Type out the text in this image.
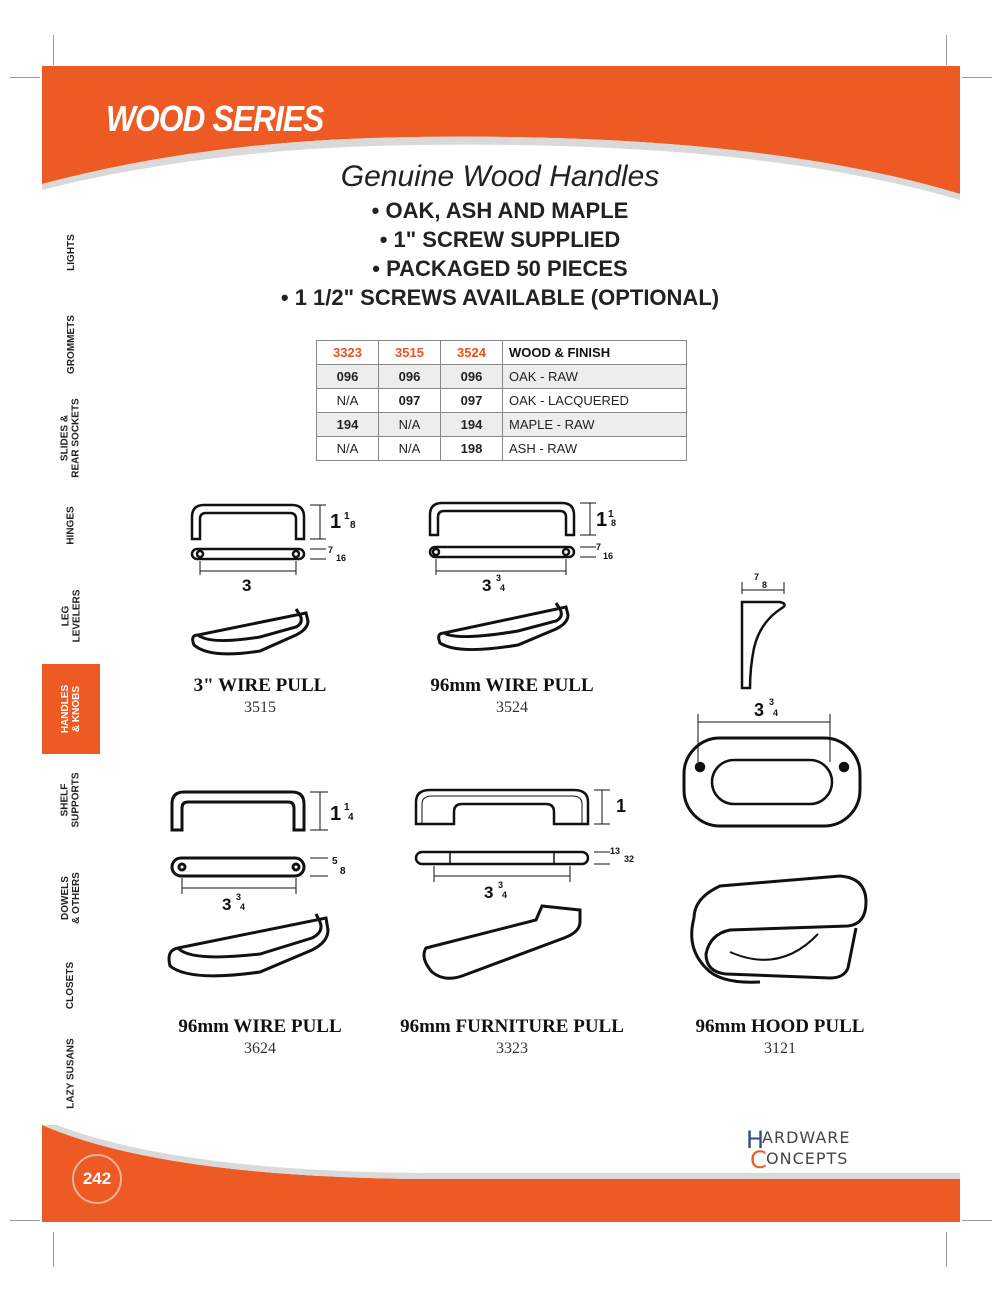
WOOD SERIES
LIGHTS
GROMMETS
SLIDES &
REAR SOCKETS
HINGES
LEG
LEVELERS
HANDLES
& KNOBS
SHELF
SUPPORTS
DOWELS
& OTHERS
CLOSETS
LAZY SUSANS
Genuine Wood Handles
• OAK, ASH AND MAPLE
• 1" SCREW SUPPLIED
• PACKAGED 50 PIECES
• 1 1/2" SCREWS AVAILABLE (OPTIONAL)
3323	3515	3524	WOOD & FINISH
096	096	096	OAK - RAW
N/A	097	097	OAK - LACQUERED
194	N/A	194	MAPLE - RAW
N/A	N/A	198	ASH - RAW
1 1
8
7
16
3
3" WIRE PULL
3515
1 1
8
7
16
3 3
4
96mm WIRE PULL
3524
1 1
4
5
8
3 3
4
96mm WIRE PULL
3624
1
13
32
3 3
4
96mm FURNITURE PULL
3323
7
8
3 3
4
96mm HOOD PULL
3121
242
H
ARDWARE
C ONCEPTS
